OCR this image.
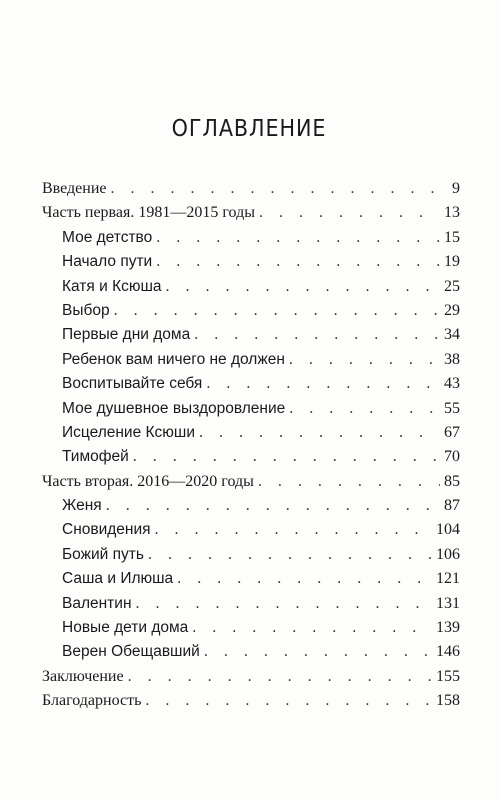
ОГЛАВЛЕНИЕ
Введение . . .	9
Часть первая. 1981—2015 годы . . .	13
Мое детство . . .	15
Начало пути . . .	19
Катя и Ксюша . . .	25
Выбор . . .	29
Первые дни дома . . .	34
Ребенок вам ничего не должен . . .	38
Воспитывайте себя . . .	43
Мое душевное выздоровление . . .	55
Исцеление Ксюши . . .	67
Тимофей . . .	70
Часть вторая. 2016—2020 годы . . .	85
Женя . . .	87
Сновидения . . .	104
Божий путь . . .	106
Саша и Илюша . . .	121
Валентин . . .	131
Новые дети дома . . .	139
Верен Обещавший . . .	146
Заключение . . .	155
Благодарность . . .	158
